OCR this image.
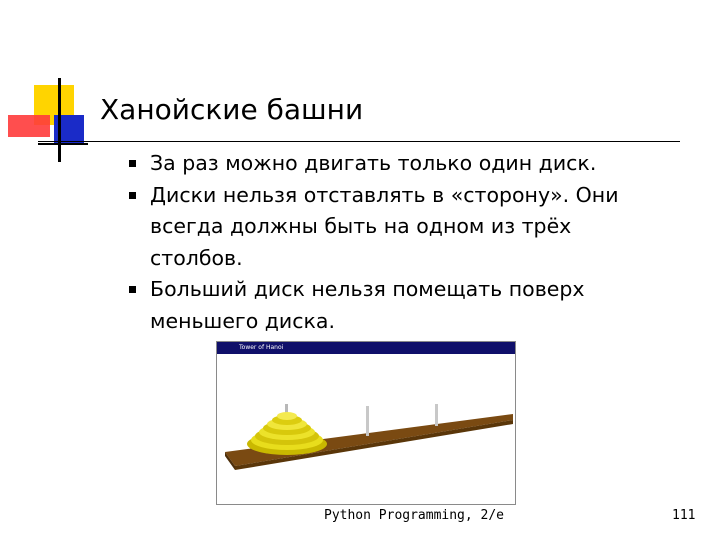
Ханойские башни
За раз можно двигать только один диск.
Диски нельзя отставлять в «сторону». Они всегда должны быть на одном из трёх столбов.
Больший диск нельзя помещать поверх меньшего диска.
Tower of Hanoi
Python Programming, 2/e	111
